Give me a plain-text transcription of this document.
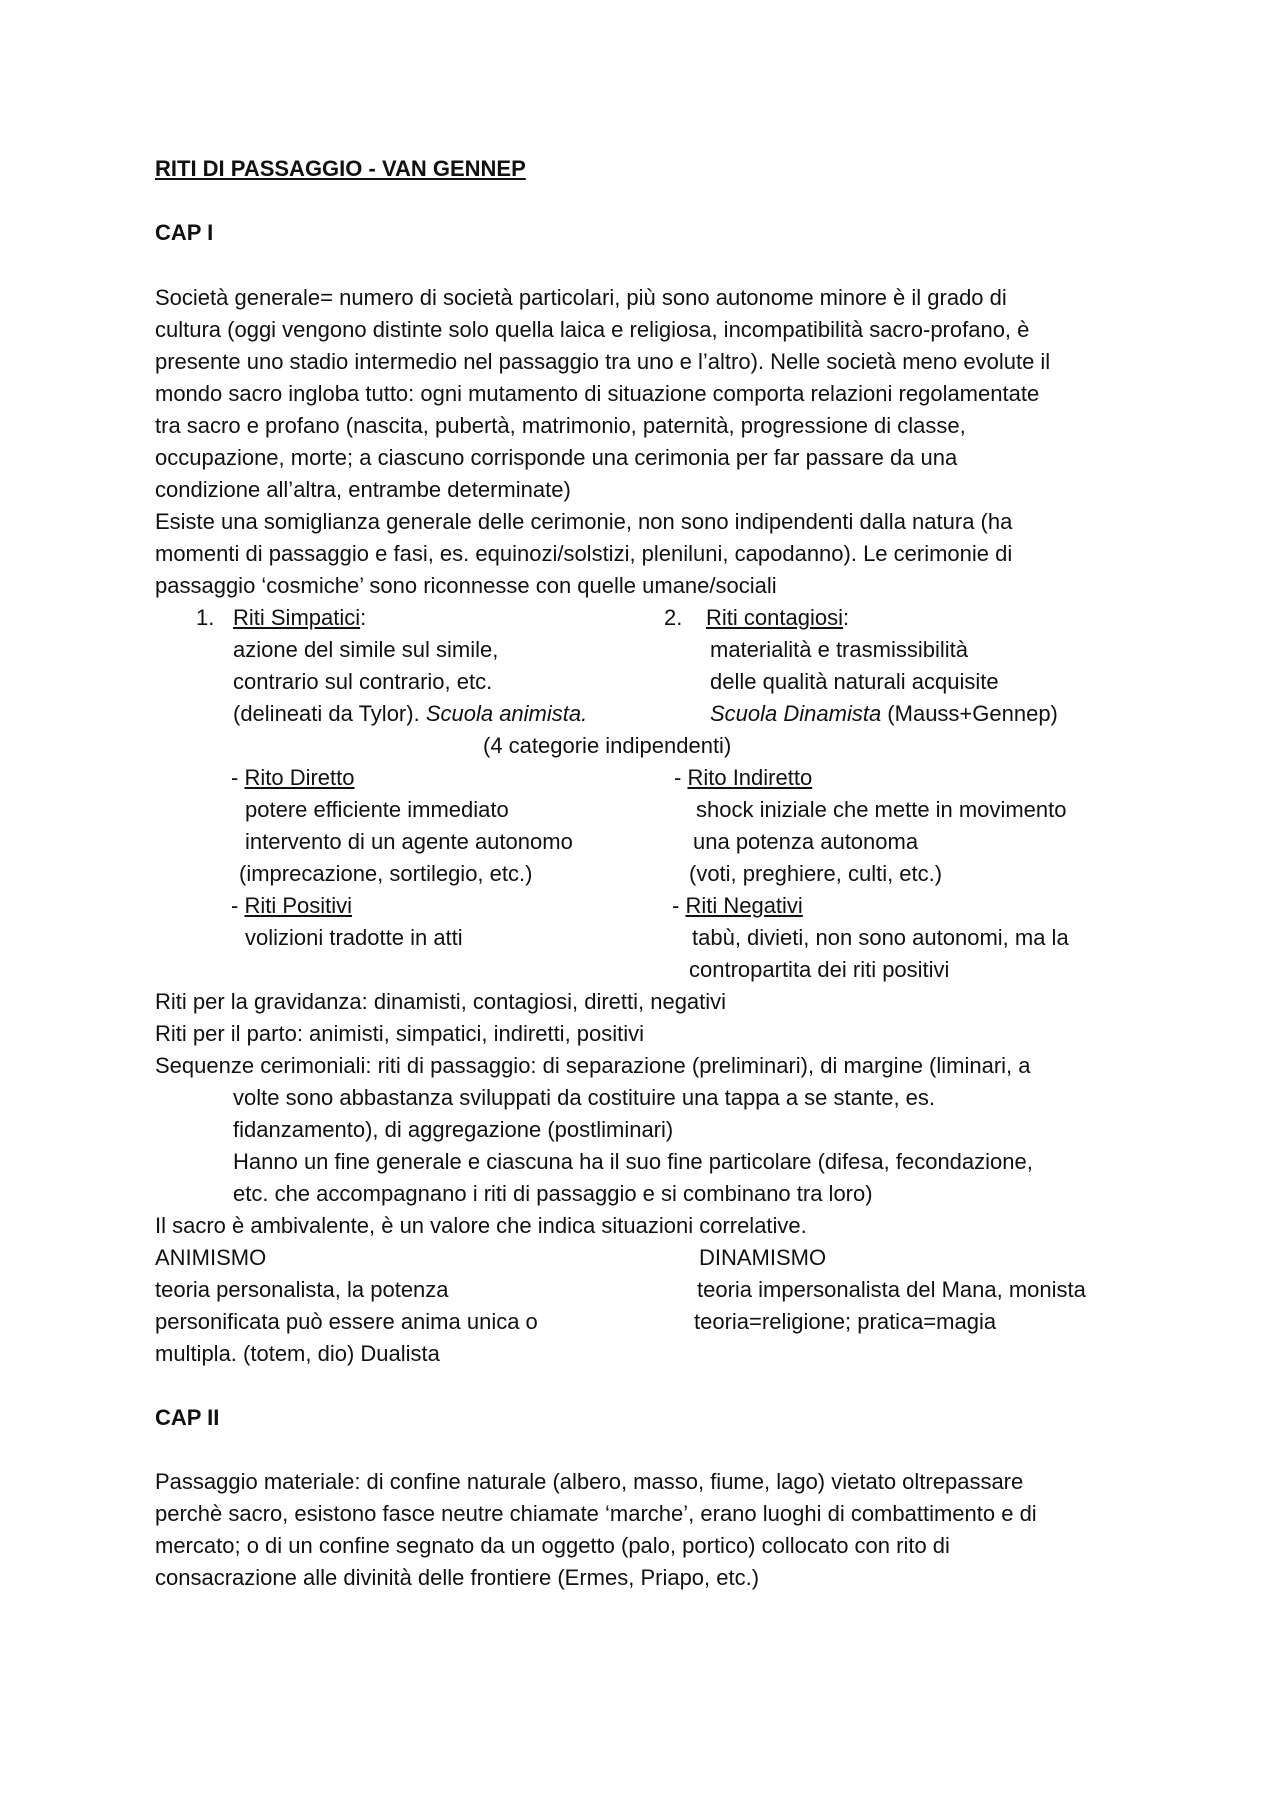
RITI DI PASSAGGIO - VAN GENNEP
CAP I
Società generale= numero di società particolari, più sono autonome minore è il grado di
cultura (oggi vengono distinte solo quella laica e religiosa, incompatibilità sacro-profano, è
presente uno stadio intermedio nel passaggio tra uno e l’altro). Nelle società meno evolute il
mondo sacro ingloba tutto: ogni mutamento di situazione comporta relazioni regolamentate
tra sacro e profano (nascita, pubertà, matrimonio, paternità, progressione di classe,
occupazione, morte; a ciascuno corrisponde una cerimonia per far passare da una
condizione all’altra, entrambe determinate)
Esiste una somiglianza generale delle cerimonie, non sono indipendenti dalla natura (ha
momenti di passaggio e fasi, es. equinozi/solstizi, pleniluni, capodanno). Le cerimonie di
passaggio ‘cosmiche’ sono riconnesse con quelle umane/sociali
1. Riti Simpatici:
azione del simile sul simile,
contrario sul contrario, etc.
(delineati da Tylor). Scuola animista.
2. Riti contagiosi:
materialità e trasmissibilità
delle qualità naturali acquisite
Scuola Dinamista (Mauss+Gennep)
(4 categorie indipendenti)
- Rito Diretto
potere efficiente immediato
intervento di un agente autonomo
(imprecazione, sortilegio, etc.)
- Rito Indiretto
shock iniziale che mette in movimento
una potenza autonoma
(voti, preghiere, culti, etc.)
- Riti Positivi
volizioni tradotte in atti
- Riti Negativi
tabù, divieti, non sono autonomi, ma la
contropartita dei riti positivi
Riti per la gravidanza: dinamisti, contagiosi, diretti, negativi
Riti per il parto: animisti, simpatici, indiretti, positivi
Sequenze cerimoniali: riti di passaggio: di separazione (preliminari), di margine (liminari, a
volte sono abbastanza sviluppati da costituire una tappa a se stante, es.
fidanzamento), di aggregazione (postliminari)
Hanno un fine generale e ciascuna ha il suo fine particolare (difesa, fecondazione,
etc. che accompagnano i riti di passaggio e si combinano tra loro)
Il sacro è ambivalente, è un valore che indica situazioni correlative.
ANIMISMO
teoria personalista, la potenza
personificata può essere anima unica o
multipla. (totem, dio) Dualista
DINAMISMO
teoria impersonalista del Mana, monista
teoria=religione; pratica=magia
CAP II
Passaggio materiale: di confine naturale (albero, masso, fiume, lago) vietato oltrepassare
perchè sacro, esistono fasce neutre chiamate ‘marche’, erano luoghi di combattimento e di
mercato; o di un confine segnato da un oggetto (palo, portico) collocato con rito di
consacrazione alle divinità delle frontiere (Ermes, Priapo, etc.)
